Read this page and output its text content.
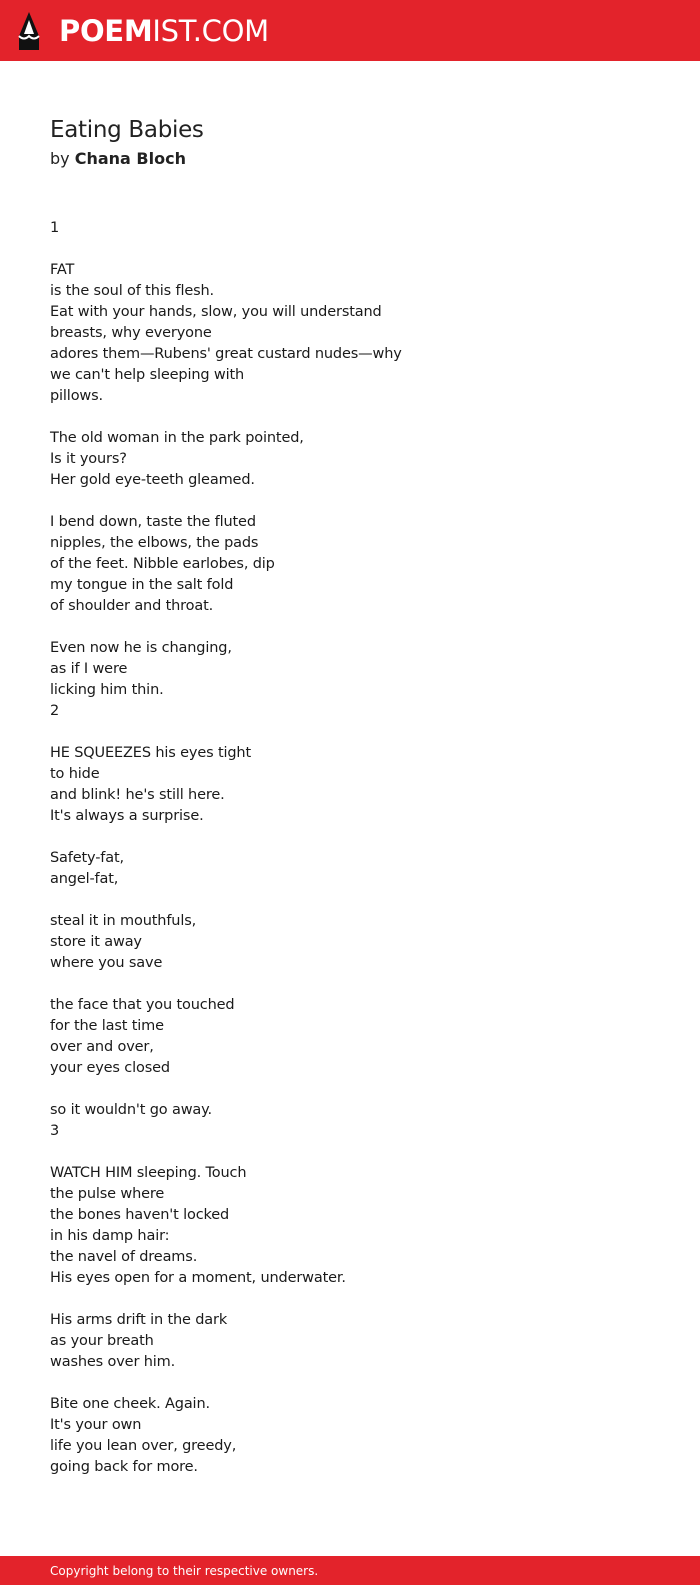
POEMIST.COM
Eating Babies
by Chana Bloch
1
FAT
is the soul of this flesh.
Eat with your hands, slow, you will understand
breasts, why everyone
adores them—Rubens' great custard nudes—why
we can't help sleeping with
pillows.
The old woman in the park pointed,
Is it yours?
Her gold eye-teeth gleamed.
I bend down, taste the fluted
nipples, the elbows, the pads
of the feet. Nibble earlobes, dip
my tongue in the salt fold
of shoulder and throat.
Even now he is changing,
as if I were
licking him thin.
2
HE SQUEEZES his eyes tight
to hide
and blink! he's still here.
It's always a surprise.
Safety-fat,
angel-fat,
steal it in mouthfuls,
store it away
where you save
the face that you touched
for the last time
over and over,
your eyes closed
so it wouldn't go away.
3
WATCH HIM sleeping. Touch
the pulse where
the bones haven't locked
in his damp hair:
the navel of dreams.
His eyes open for a moment, underwater.
His arms drift in the dark
as your breath
washes over him.
Bite one cheek. Again.
It's your own
life you lean over, greedy,
going back for more.
Copyright belong to their respective owners.
